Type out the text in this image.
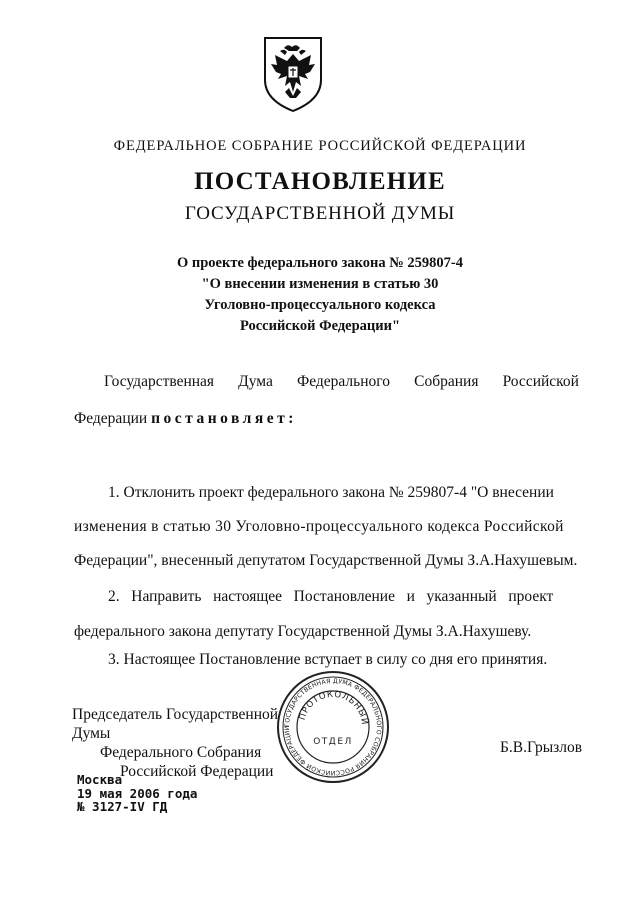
ФЕДЕРАЛЬНОЕ СОБРАНИЕ РОССИЙСКОЙ ФЕДЕРАЦИИ
ПОСТАНОВЛЕНИЕ
ГОСУДАРСТВЕННОЙ ДУМЫ
О проекте федерального закона № 259807-4
"О внесении изменения в статью 30
Уголовно-процессуального кодекса
Российской Федерации"
Государственная Дума Федерального Собрания Российской
Федерации постановляет:
1. Отклонить проект федерального закона № 259807-4 "О внесении
изменения в статью 30 Уголовно-процессуального кодекса Российской
Федерации", внесенный депутатом Государственной Думы З.А.Нахушевым.
2.   Направить   настоящее   Постановление   и   указанный   проект
федерального закона депутату Государственной Думы З.А.Нахушеву.
3. Настоящее Постановление вступает в силу со дня его принятия.
Председатель Государственной Думы
Федерального Собрания
Российской Федерации
ГОСУДАРСТВЕННАЯ ДУМА ФЕДЕРАЛЬНОГО СОБРАНИЯ РОССИЙСКОЙ ФЕДЕРАЦИИ
ПРОТОКОЛЬНЫЙ
ОТДЕЛ	Б.В.Грызлов
Москва
19 мая 2006 года
№ 3127-IV ГД
